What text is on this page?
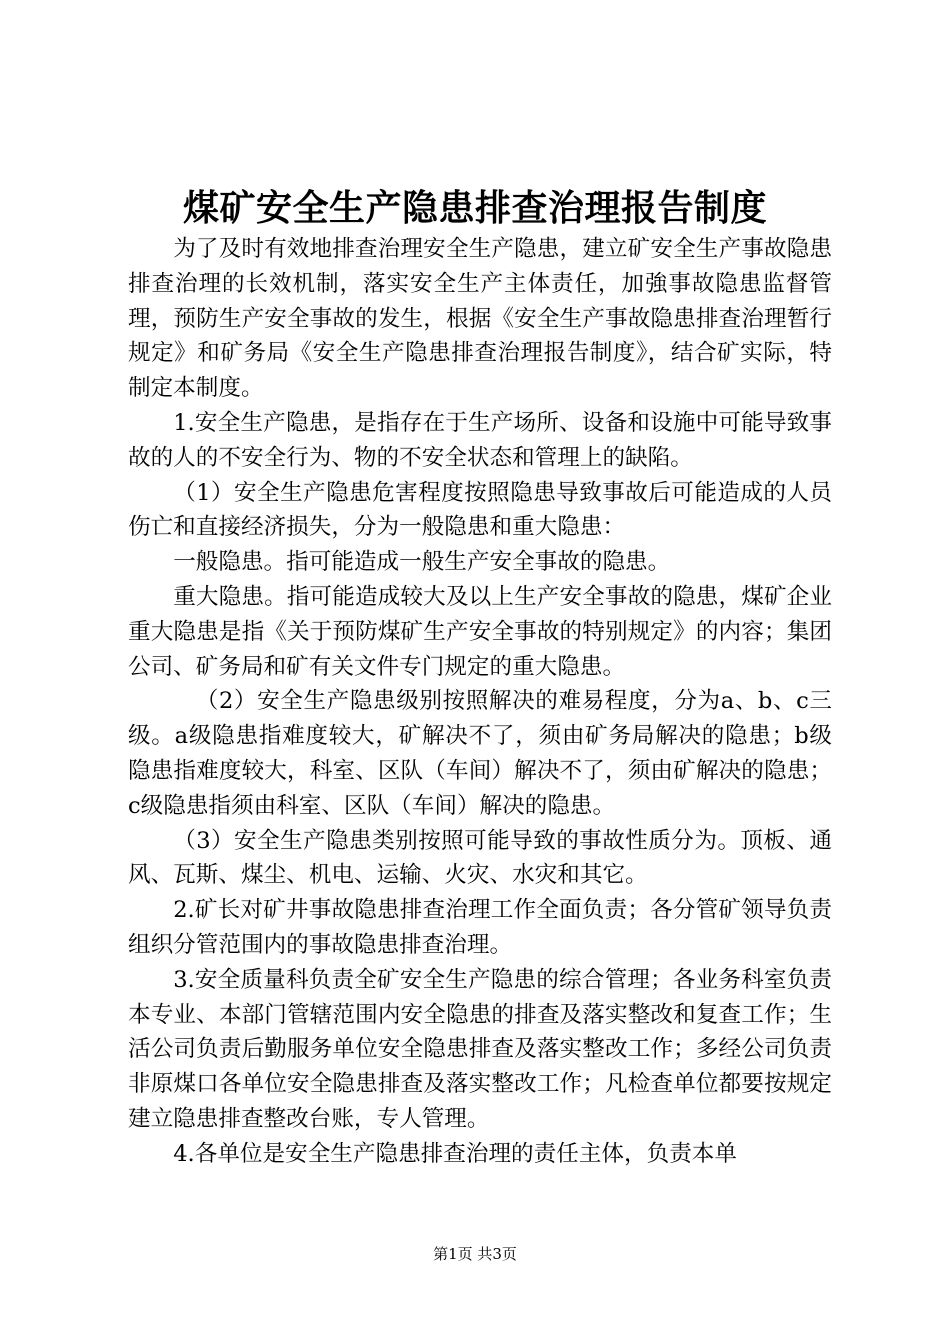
煤矿安全生产隐患排查治理报告制度

为了及时有效地排查治理安全生产隐患，建立矿安全生产事故隐患排查治理的长效机制，落实安全生产主体责任，加強事故隐患监督管理，预防生产安全事故的发生，根据《安全生产事故隐患排查治理暂行规定》和矿务局《安全生产隐患排查治理报告制度》，结合矿实际，特制定本制度。

1.安全生产隐患，是指存在于生产场所、设备和设施中可能导致事故的人的不安全行为、物的不安全状态和管理上的缺陷。

（1）安全生产隐患危害程度按照隐患导致事故后可能造成的人员伤亡和直接经济损失，分为一般隐患和重大隐患：

一般隐患。指可能造成一般生产安全事故的隐患。

重大隐患。指可能造成较大及以上生产安全事故的隐患，煤矿企业重大隐患是指《关于预防煤矿生产安全事故的特别规定》的内容；集团公司、矿务局和矿有关文件专门规定的重大隐患。

（2）安全生产隐患级别按照解决的难易程度，分为a、b、c三级。a级隐患指难度较大，矿解决不了，须由矿务局解决的隐患；b级隐患指难度较大，科室、区队（车间）解决不了，须由矿解决的隐患；c级隐患指须由科室、区队（车间）解决的隐患。

（3）安全生产隐患类别按照可能导致的事故性质分为。顶板、通风、瓦斯、煤尘、机电、运输、火灾、水灾和其它。

2.矿长对矿井事故隐患排查治理工作全面负责；各分管矿领导负责组织分管范围内的事故隐患排查治理。

3.安全质量科负责全矿安全生产隐患的综合管理；各业务科室负责本专业、本部门管辖范围内安全隐患的排查及落实整改和复查工作；生活公司负责后勤服务单位安全隐患排查及落实整改工作；多经公司负责非原煤口各单位安全隐患排查及落实整改工作；凡检查单位都要按规定建立隐患排查整改台账，专人管理。

4.各单位是安全生产隐患排查治理的责任主体，负责本单

第1页 共3页
